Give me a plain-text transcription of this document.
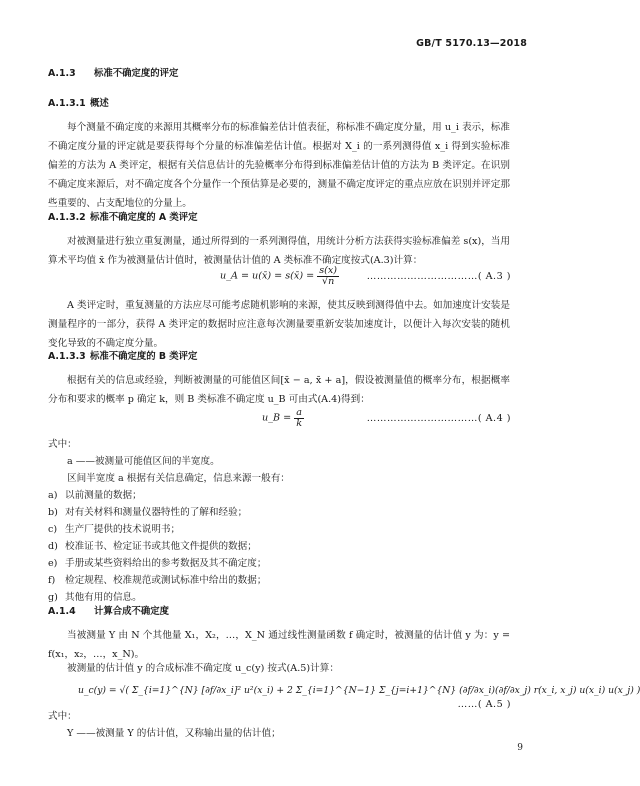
GB/T 5170.13—2018
A.1.3 标准不确定度的评定
A.1.3.1 概述
每个测量不确定度的来源用其概率分布的标准偏差估计值表征，称标准不确定度分量，用 u_i 表示，标准不确定度分量的评定就是要获得每个分量的标准偏差估计值。根据对 X_i 的一系列测得值 x_i 得到实验标准偏差的方法为 A 类评定，根据有关信息估计的先验概率分布得到标准偏差估计值的方法为 B 类评定。在识别不确定度来源后，对不确定度各个分量作一个预估算是必要的，测量不确定度评定的重点应放在识别并评定那些重要的、占支配地位的分量上。
A.1.3.2 标准不确定度的 A 类评定
对被测量进行独立重复测量，通过所得到的一系列测得值，用统计分析方法获得实验标准偏差 s(x)，当用算术平均值 x̄ 作为被测量估计值时，被测量估计值的 A 类标准不确定度按式(A.3)计算：
u_A = u(x̄) = s(x̄) = $\frac{s(x)}{√n}$	……………………………( A.3 )
A 类评定时，重复测量的方法应尽可能考虑随机影响的来源，使其反映到测得值中去。如加速度计安装是测量程序的一部分，获得 A 类评定的数据时应注意每次测量要重新安装加速度计，以便计入每次安装的随机变化导致的不确定度分量。
A.1.3.3 标准不确定度的 B 类评定
根据有关的信息或经验，判断被测量的可能值区间[x̄ − a, x̄ + a]，假设被测量值的概率分布，根据概率分布和要求的概率 p 确定 k，则 B 类标准不确定度 u_B 可由式(A.4)得到：
u_B = $\frac{a}{k}$	……………………………( A.4 )
式中：
a ——被测量可能值区间的半宽度。
区间半宽度 a 根据有关信息确定，信息来源一般有：
a) 以前测量的数据；
b) 对有关材料和测量仪器特性的了解和经验；
c) 生产厂提供的技术说明书；
d) 校准证书、检定证书或其他文件提供的数据；
e) 手册或某些资料给出的参考数据及其不确定度；
f) 检定规程、校准规范或测试标准中给出的数据；
g) 其他有用的信息。
A.1.4 计算合成不确定度
当被测量 Y 由 N 个其他量 X₁，X₂，…，X_N 通过线性测量函数 f 确定时，被测量的估计值 y 为：y = f(x₁，x₂，…，x_N)。
被测量的估计值 y 的合成标准不确定度 u_c(y) 按式(A.5)计算：
u_c(y) = √( Σ_{i=1}^{N} [∂f/∂x_i]² u²(x_i) + 2 Σ_{i=1}^{N−1} Σ_{j=i+1}^{N} (∂f/∂x_i)(∂f/∂x_j) r(x_i, x_j) u(x_i) u(x_j) )
……( A.5 )
式中：
Y ——被测量 Y 的估计值，又称输出量的估计值；
9
